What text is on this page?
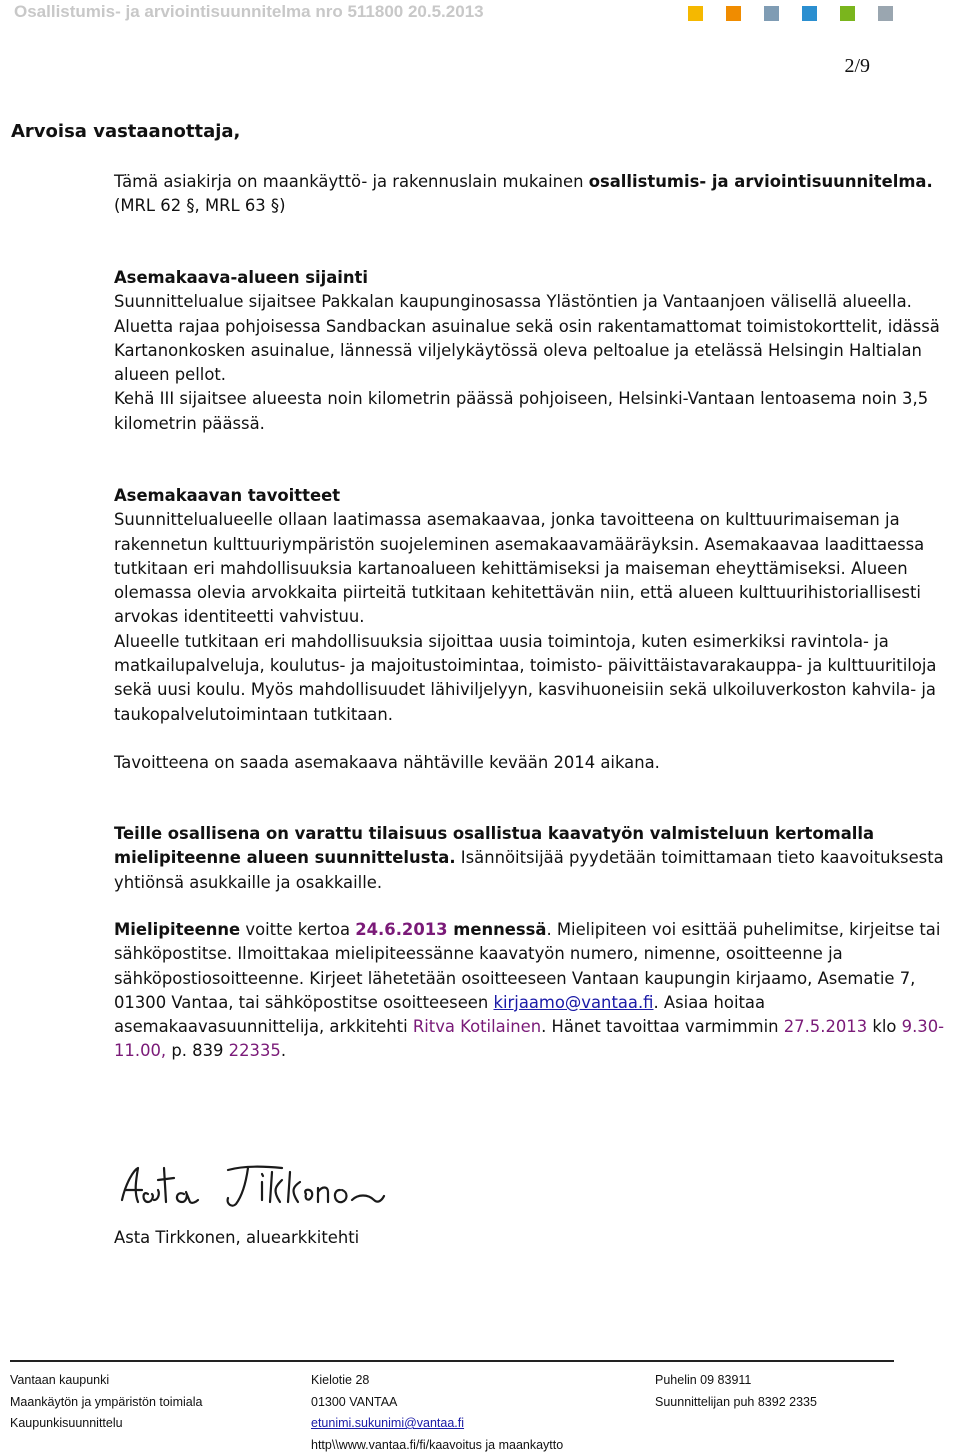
Osallistumis- ja arviointisuunnitelma nro 511800 20.5.2013
2/9
Arvoisa vastaanottaja,

Tämä asiakirja on maankäyttö- ja rakennuslain mukainen osallistumis- ja arviointisuunnitelma. (MRL 62 §, MRL 63 §)

Asemakaava-alueen sijainti

Suunnittelualue sijaitsee Pakkalan kaupunginosassa Ylästöntien ja Vantaanjoen välisellä alueella. Aluetta rajaa pohjoisessa Sandbackan asuinalue sekä osin rakentamattomat toimistokorttelit, idässä Kartanonkosken asuinalue, lännessä viljelykäytössä oleva peltoalue ja etelässä Helsingin Haltialan alueen pellot.

Kehä III sijaitsee alueesta noin kilometrin päässä pohjoiseen, Helsinki-Vantaan lentoasema noin 3,5 kilometrin päässä.

Asemakaavan tavoitteet

Suunnittelualueelle ollaan laatimassa asemakaavaa, jonka tavoitteena on kulttuurimaiseman ja rakennetun kulttuuriympäristön suojeleminen asemakaavamääräyksin. Asemakaavaa laadittaessa tutkitaan eri mahdollisuuksia kartanoalueen kehittämiseksi ja maiseman eheyttämiseksi. Alueen olemassa olevia arvokkaita piirteitä tutkitaan kehitettävän niin, että alueen kulttuurihistoriallisesti arvokas identiteetti vahvistuu.

Alueelle tutkitaan eri mahdollisuuksia sijoittaa uusia toimintoja, kuten esimerkiksi ravintola- ja matkailupalveluja, koulutus- ja majoitustoimintaa, toimisto- päivittäistavarakauppa- ja kulttuuritiloja sekä uusi koulu. Myös mahdollisuudet lähiviljelyyn, kasvihuoneisiin sekä ulkoiluverkoston kahvila- ja taukopalvelutoimintaan tutkitaan.

Tavoitteena on saada asemakaava nähtäville kevään 2014 aikana.

Teille osallisena on varattu tilaisuus osallistua kaavatyön valmisteluun kertomalla mielipiteenne alueen suunnittelusta. Isännöitsijää pyydetään toimittamaan tieto kaavoituksesta yhtiönsä asukkaille ja osakkaille.

Mielipiteenne voitte kertoa 24.6.2013 mennessä. Mielipiteen voi esittää puhelimitse, kirjeitse tai sähköpostitse. Ilmoittakaa mielipiteessänne kaavatyön numero, nimenne, osoitteenne ja sähköpostiosoitteenne. Kirjeet lähetetään osoitteeseen Vantaan kaupungin kirjaamo, Asematie 7, 01300 Vantaa, tai sähköpostitse osoitteeseen kirjaamo@vantaa.fi. Asiaa hoitaa asemakaavasuunnittelija, arkkitehti Ritva Kotilainen. Hänet tavoittaa varmimmin 27.5.2013 klo 9.30-11.00, p. 839 22335.

Asta Tirkkonen, aluearkkitehti
Vantaan kaupunki
Maankäytön ja ympäristön toimiala
Kaupunkisuunnittelu
Kielotie 28
01300 VANTAA
etunimi.sukunimi@vantaa.fi
http\\www.vantaa.fi/fi/kaavoitus ja maankaytto
Puhelin 09 83911
Suunnittelijan puh 8392 2335
